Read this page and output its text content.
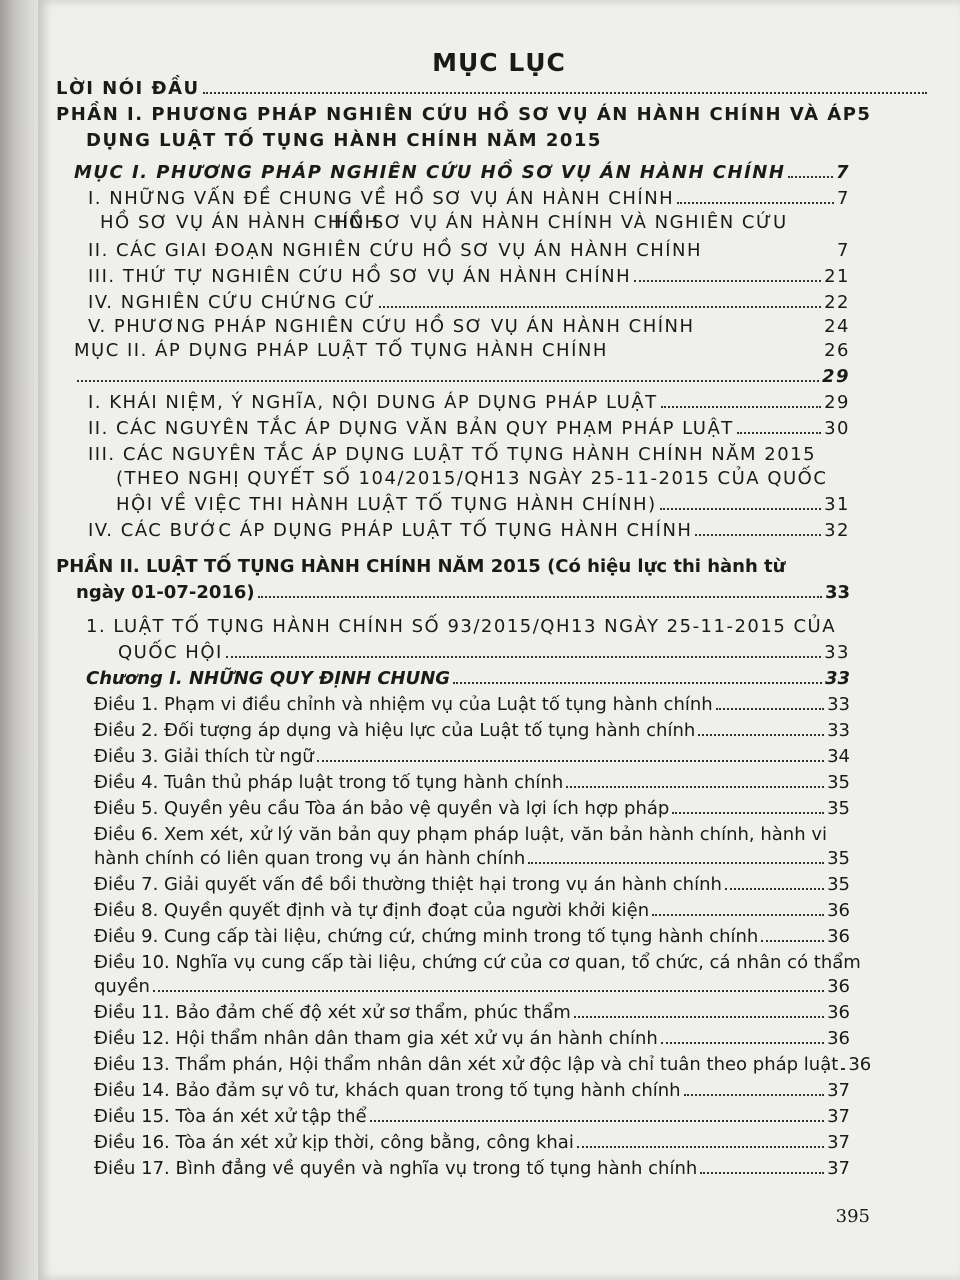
MỤC LỤC
LỜI NÓI ĐẦU
PHẦN I. PHƯƠNG PHÁP NGHIÊN CỨU HỒ SƠ VỤ ÁN HÀNH CHÍNH VÀ ÁP 5
MỤC I. PHƯƠNG PHÁP NGHIÊN CỨU HỒ SƠ VỤ ÁN HÀNH CHÍNH	7
I. NHỮNG VẤN ĐỀ CHUNG VỀ HỒ SƠ VỤ ÁN HÀNH CHÍNH	7
II. CÁC GIAI ĐOẠN NGHIÊN CỨU HỒ SƠ VỤ ÁN HÀNH CHÍNH	7
III. THỨ TỰ NGHIÊN CỨU HỒ SƠ VỤ ÁN HÀNH CHÍNH	21
IV. NGHIÊN CỨU CHỨNG CỨ	22
V. PHƯƠNG PHÁP NGHIÊN CỨU HỒ SƠ VỤ ÁN HÀNH CHÍNH	24
MỤC II. ÁP DỤNG PHÁP LUẬT TỐ TỤNG HÀNH CHÍNH	26
29
I. KHÁI NIỆM, Ý NGHĨA, NỘI DUNG ÁP DỤNG PHÁP LUẬT	29
II. CÁC NGUYÊN TẮC ÁP DỤNG VĂN BẢN QUY PHẠM PHÁP LUẬT	30
III. CÁC NGUYÊN TẮC ÁP DỤNG LUẬT TỐ TỤNG HÀNH CHÍNH NĂM 2015
(THEO NGHỊ QUYẾT SỐ 104/2015/QH13 NGÀY 25-11-2015 CỦA QUỐC
HỘI VỀ VIỆC THI HÀNH LUẬT TỐ TỤNG HÀNH CHÍNH)	31
IV. CÁC BƯỚC ÁP DỤNG PHÁP LUẬT TỐ TỤNG HÀNH CHÍNH	32
PHẦN II. LUẬT TỐ TỤNG HÀNH CHÍNH NĂM 2015 (Có hiệu lực thi hành từ
ngày 01-07-2016)	33
1. LUẬT TỐ TỤNG HÀNH CHÍNH SỐ 93/2015/QH13 NGÀY 25-11-2015 CỦA
QUỐC HỘI	33
Chương I. NHỮNG QUY ĐỊNH CHUNG	33
Điều 1. Phạm vi điều chỉnh và nhiệm vụ của Luật tố tụng hành chính	33
Điều 2. Đối tượng áp dụng và hiệu lực của Luật tố tụng hành chính	33
Điều 3. Giải thích từ ngữ	34
Điều 4. Tuân thủ pháp luật trong tố tụng hành chính	35
Điều 5. Quyền yêu cầu Tòa án bảo vệ quyền và lợi ích hợp pháp	35
Điều 6. Xem xét, xử lý văn bản quy phạm pháp luật, văn bản hành chính, hành vi
hành chính có liên quan trong vụ án hành chính	35
Điều 7. Giải quyết vấn đề bồi thường thiệt hại trong vụ án hành chính	35
Điều 8. Quyền quyết định và tự định đoạt của người khởi kiện	36
Điều 9. Cung cấp tài liệu, chứng cứ, chứng minh trong tố tụng hành chính	36
Điều 10. Nghĩa vụ cung cấp tài liệu, chứng cứ của cơ quan, tổ chức, cá nhân có thẩm
quyền	36
Điều 11. Bảo đảm chế độ xét xử sơ thẩm, phúc thẩm	36
Điều 12. Hội thẩm nhân dân tham gia xét xử vụ án hành chính	36
Điều 13. Thẩm phán, Hội thẩm nhân dân xét xử độc lập và chỉ tuân theo pháp luật 36
Điều 14. Bảo đảm sự vô tư, khách quan trong tố tụng hành chính	37
Điều 15. Tòa án xét xử tập thể	37
Điều 16. Tòa án xét xử kịp thời, công bằng, công khai	37
Điều 17. Bình đẳng về quyền và nghĩa vụ trong tố tụng hành chính	37
DỤNG LUẬT TỐ TỤNG HÀNH CHÍNH NĂM 2015
HỒ SƠ VỤ ÁN HÀNH CHÍNH
HỒ SƠ VỤ ÁN HÀNH CHÍNH VÀ NGHIÊN CỨU
395
